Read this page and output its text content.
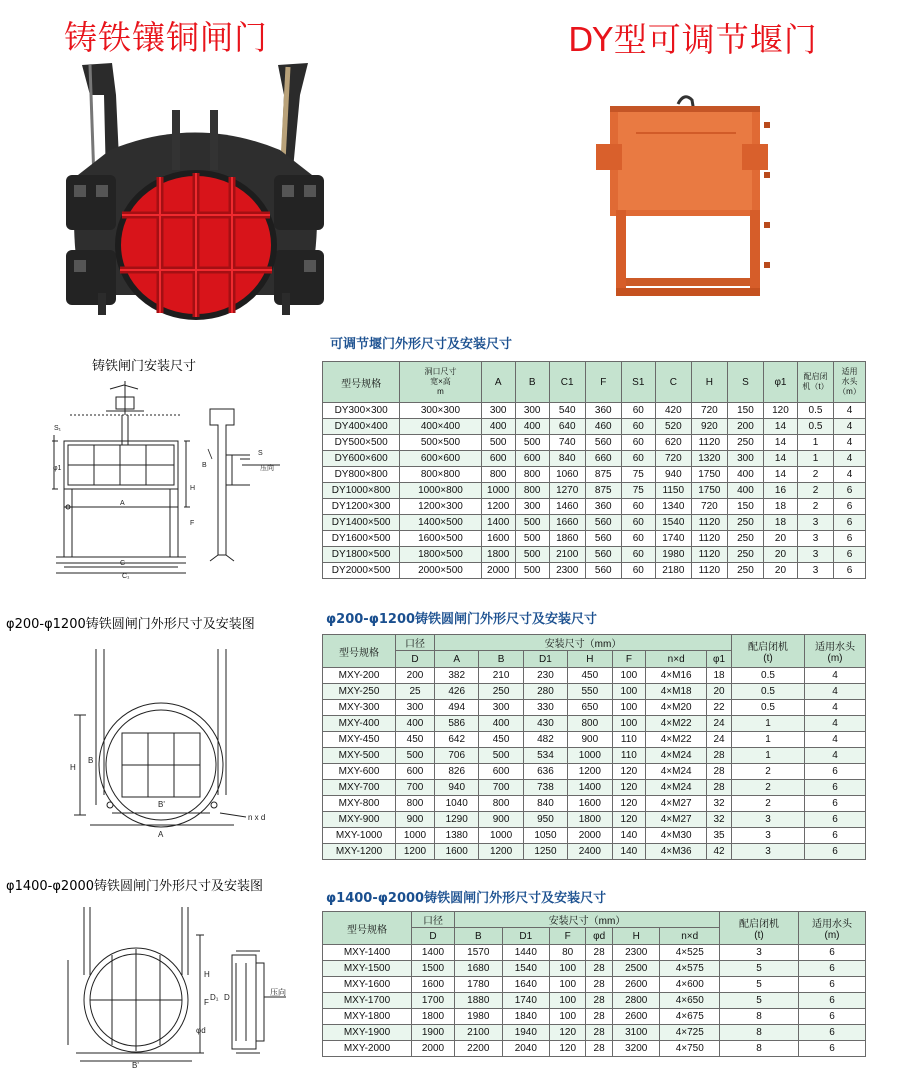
铸铁镶铜闸门	DY型可调节堰门
铸铁闸门安装尺寸
S₁
φ1
A
C
C₁
H
F
B
S
压向
φ200-φ1200铸铁圆闸门外形尺寸及安装图
H
B
B'
A
n x d
φ1400-φ2000铸铁圆闸门外形尺寸及安装图
H
F
B'
D₁ D
φd
压向
可调节堰门外形尺寸及安装尺寸
型号规格	洞口尺寸
宽×高
m	A	B	C1	F	S1	C	H	S	φ1	配启闭
机（t）	适用
水头
（m）
DY300×300	300×300	300	300	540	360	60	420	720	150	120	0.5	4
DY400×400	400×400	400	400	640	460	60	520	920	200	14	0.5	4
DY500×500	500×500	500	500	740	560	60	620	1120	250	14	1	4
DY600×600	600×600	600	600	840	660	60	720	1320	300	14	1	4
DY800×800	800×800	800	800	1060	875	75	940	1750	400	14	2	4
DY1000×800	1000×800	1000	800	1270	875	75	1150	1750	400	16	2	6
DY1200×300	1200×300	1200	300	1460	360	60	1340	720	150	18	2	6
DY1400×500	1400×500	1400	500	1660	560	60	1540	1120	250	18	3	6
DY1600×500	1600×500	1600	500	1860	560	60	1740	1120	250	20	3	6
DY1800×500	1800×500	1800	500	2100	560	60	1980	1120	250	20	3	6
DY2000×500	2000×500	2000	500	2300	560	60	2180	1120	250	20	3	6
φ200-φ1200铸铁圆闸门外形尺寸及安装尺寸
型号规格	口径	安装尺寸（mm）							配启闭机
(t)	适用水头
(m)
	D	A	B	D1	H	F	n×d	φ1		
MXY-200	200	382	210	230	450	100	4×M16	18	0.5	4
MXY-250	25	426	250	280	550	100	4×M18	20	0.5	4
MXY-300	300	494	300	330	650	100	4×M20	22	0.5	4
MXY-400	400	586	400	430	800	100	4×M22	24	1	4
MXY-450	450	642	450	482	900	110	4×M22	24	1	4
MXY-500	500	706	500	534	1000	110	4×M24	28	1	4
MXY-600	600	826	600	636	1200	120	4×M24	28	2	6
MXY-700	700	940	700	738	1400	120	4×M24	28	2	6
MXY-800	800	1040	800	840	1600	120	4×M27	32	2	6
MXY-900	900	1290	900	950	1800	120	4×M27	32	3	6
MXY-1000	1000	1380	1000	1050	2000	140	4×M30	35	3	6
MXY-1200	1200	1600	1200	1250	2400	140	4×M36	42	3	6
φ1400-φ2000铸铁圆闸门外形尺寸及安装尺寸
型号规格	口径	安装尺寸（mm）						配启闭机
(t)	适用水头
(m)
	D	B	D1	F	φd	H	n×d		
MXY-1400	1400	1570	1440	80	28	2300	4×525	3	6
MXY-1500	1500	1680	1540	100	28	2500	4×575	5	6
MXY-1600	1600	1780	1640	100	28	2600	4×600	5	6
MXY-1700	1700	1880	1740	100	28	2800	4×650	5	6
MXY-1800	1800	1980	1840	100	28	2600	4×675	8	6
MXY-1900	1900	2100	1940	120	28	3100	4×725	8	6
MXY-2000	2000	2200	2040	120	28	3200	4×750	8	6
